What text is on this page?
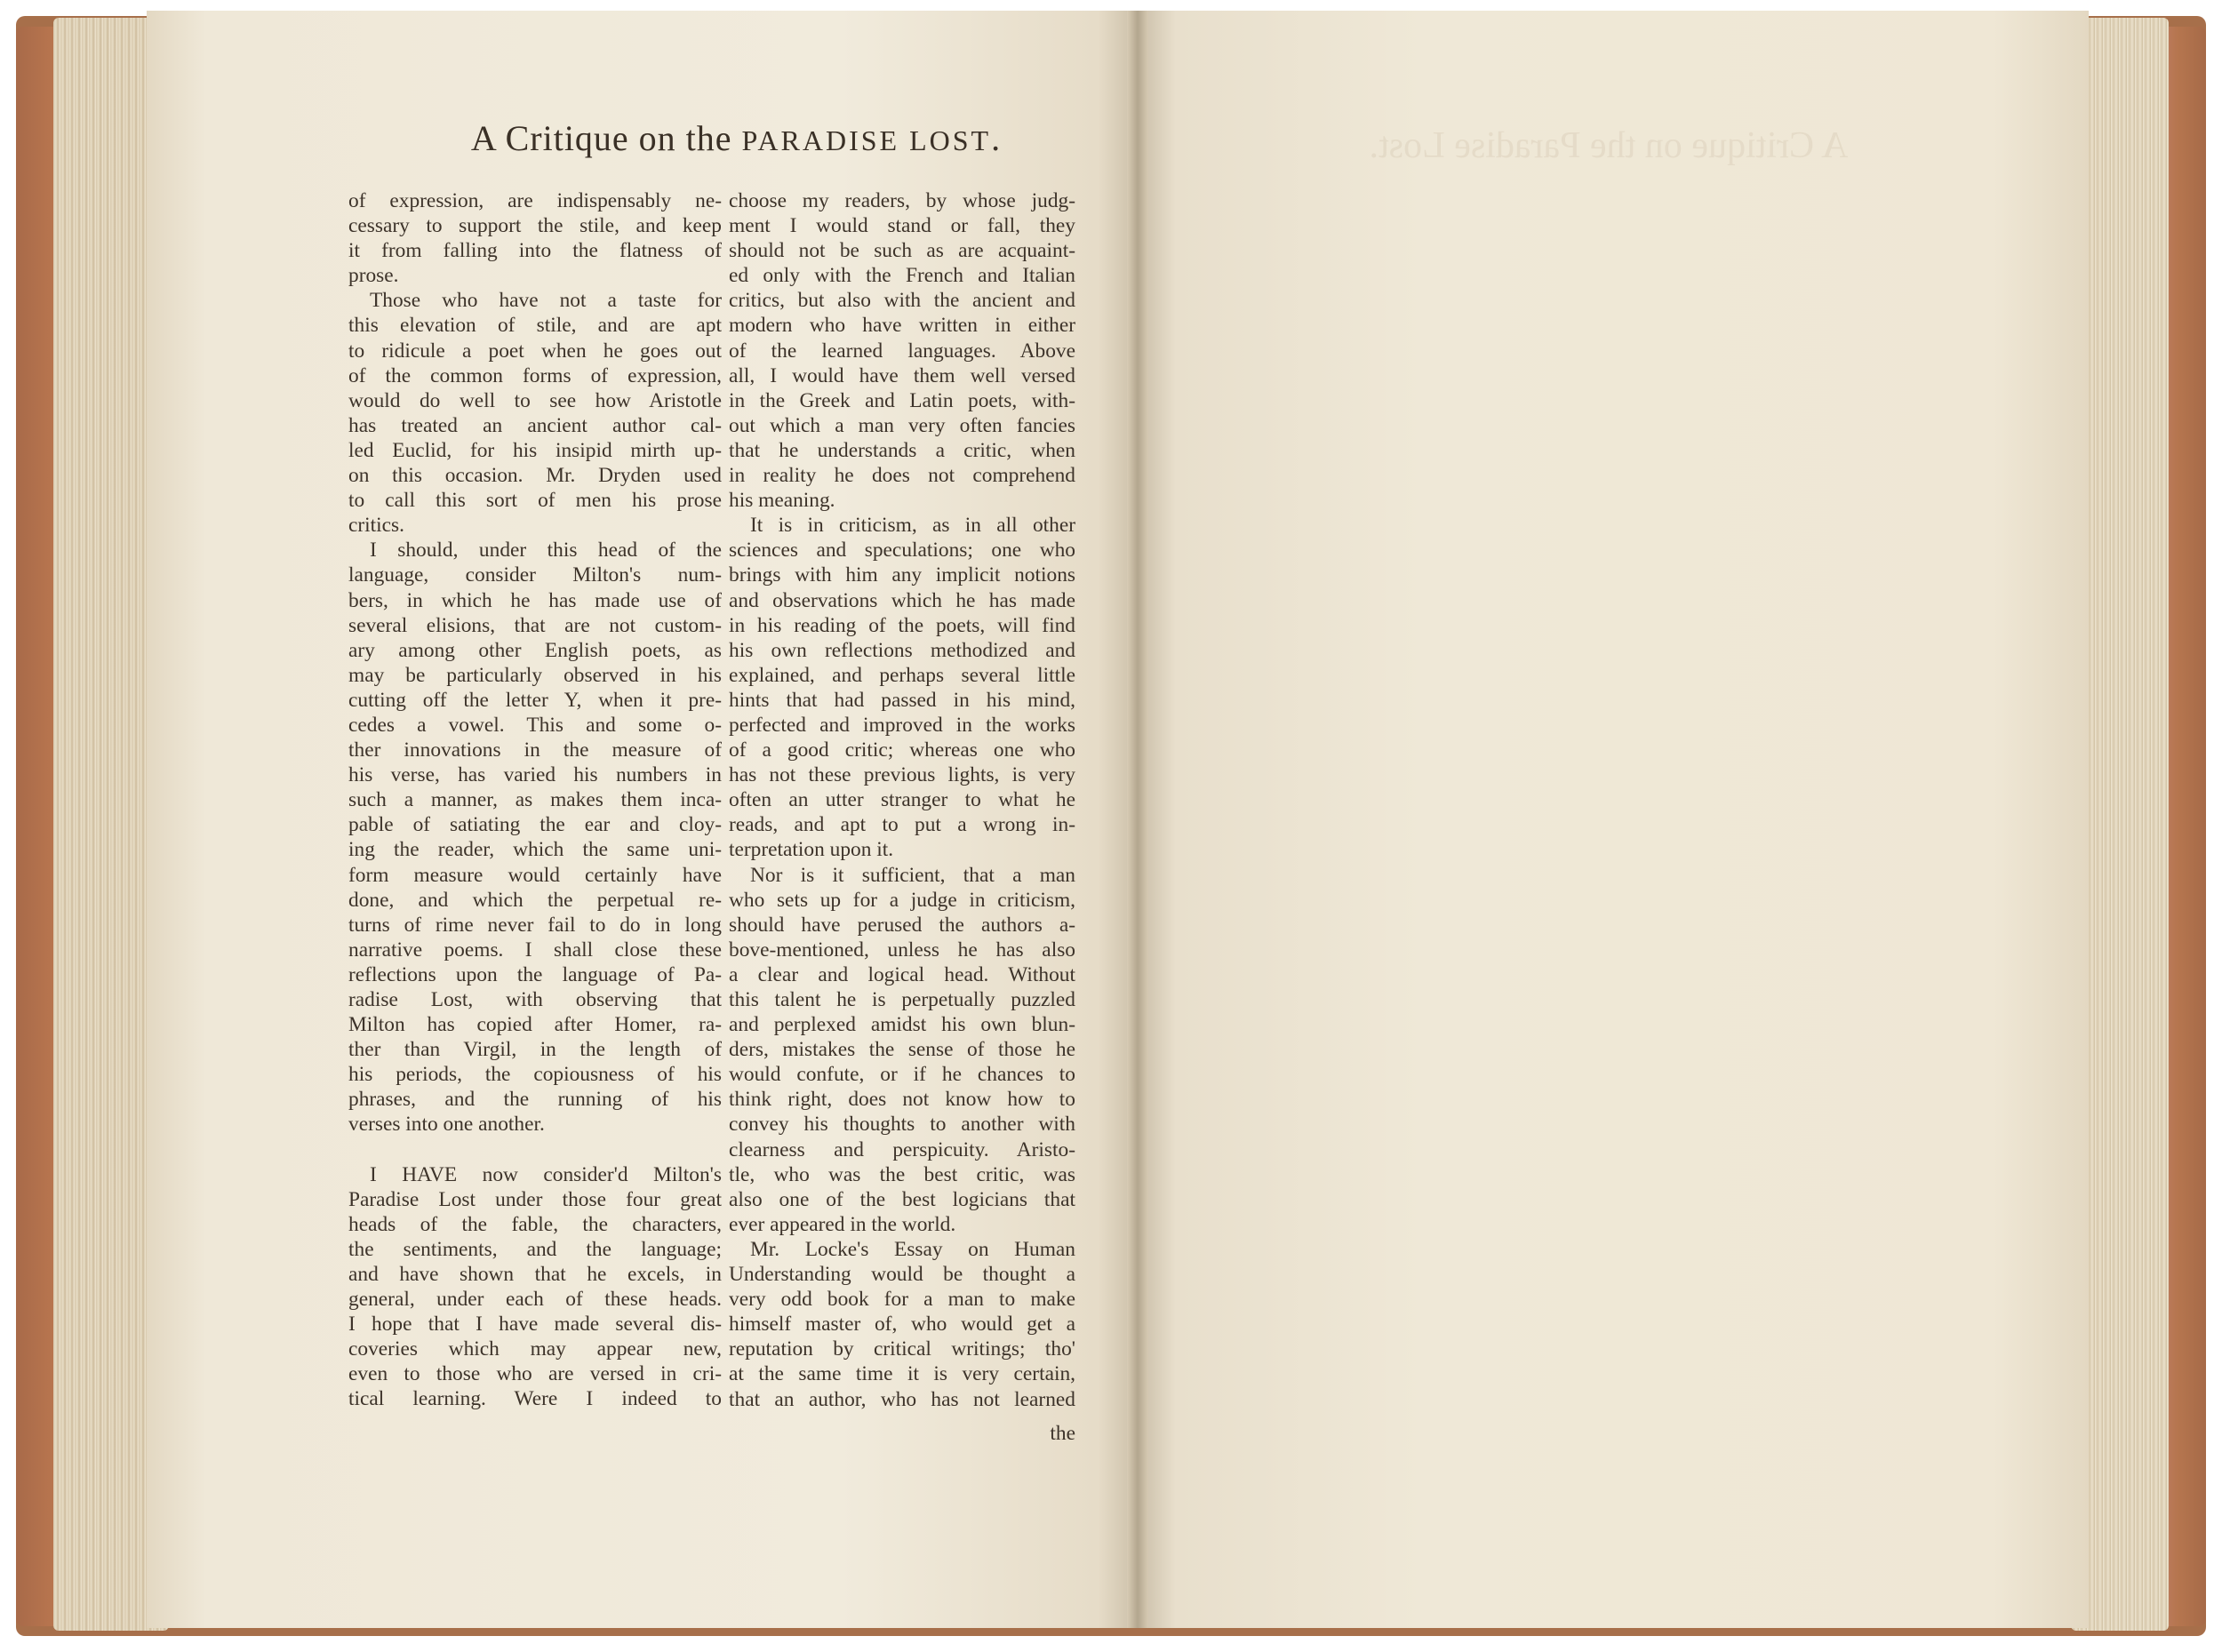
A Critique on the Paradise Lost.
A Critique on the PARADISE LOST.
of expression, are indispensably ne-
cessary to support the stile, and keep
it from falling into the flatness of
prose.
Those who have not a taste for
this elevation of stile, and are apt
to ridicule a poet when he goes out
of the common forms of expression,
would do well to see how Aristotle
has treated an ancient author cal-
led Euclid, for his insipid mirth up-
on this occasion. Mr. Dryden used
to call this sort of men his prose
critics.
I should, under this head of the
language, consider Milton's num-
bers, in which he has made use of
several elisions, that are not custom-
ary among other English poets, as
may be particularly observed in his
cutting off the letter Y, when it pre-
cedes a vowel. This and some o-
ther innovations in the measure of
his verse, has varied his numbers in
such a manner, as makes them inca-
pable of satiating the ear and cloy-
ing the reader, which the same uni-
form measure would certainly have
done, and which the perpetual re-
turns of rime never fail to do in long
narrative poems. I shall close these
reflections upon the language of Pa-
radise Lost, with observing that
Milton has copied after Homer, ra-
ther than Virgil, in the length of
his periods, the copiousness of his
phrases, and the running of his
verses into one another.
I HAVE now consider'd Milton's
Paradise Lost under those four great
heads of the fable, the characters,
the sentiments, and the language;
and have shown that he excels, in
general, under each of these heads.
I hope that I have made several dis-
coveries which may appear new,
even to those who are versed in cri-
tical learning. Were I indeed to
choose my readers, by whose judg-
ment I would stand or fall, they
should not be such as are acquaint-
ed only with the French and Italian
critics, but also with the ancient and
modern who have written in either
of the learned languages. Above
all, I would have them well versed
in the Greek and Latin poets, with-
out which a man very often fancies
that he understands a critic, when
in reality he does not comprehend
his meaning.
It is in criticism, as in all other
sciences and speculations; one who
brings with him any implicit notions
and observations which he has made
in his reading of the poets, will find
his own reflections methodized and
explained, and perhaps several little
hints that had passed in his mind,
perfected and improved in the works
of a good critic; whereas one who
has not these previous lights, is very
often an utter stranger to what he
reads, and apt to put a wrong in-
terpretation upon it.
Nor is it sufficient, that a man
who sets up for a judge in criticism,
should have perused the authors a-
bove-mentioned, unless he has also
a clear and logical head. Without
this talent he is perpetually puzzled
and perplexed amidst his own blun-
ders, mistakes the sense of those he
would confute, or if he chances to
think right, does not know how to
convey his thoughts to another with
clearness and perspicuity. Aristo-
tle, who was the best critic, was
also one of the best logicians that
ever appeared in the world.
Mr. Locke's Essay on Human
Understanding would be thought a
very odd book for a man to make
himself master of, who would get a
reputation by critical writings; tho'
at the same time it is very certain,
that an author, who has not learned
the
